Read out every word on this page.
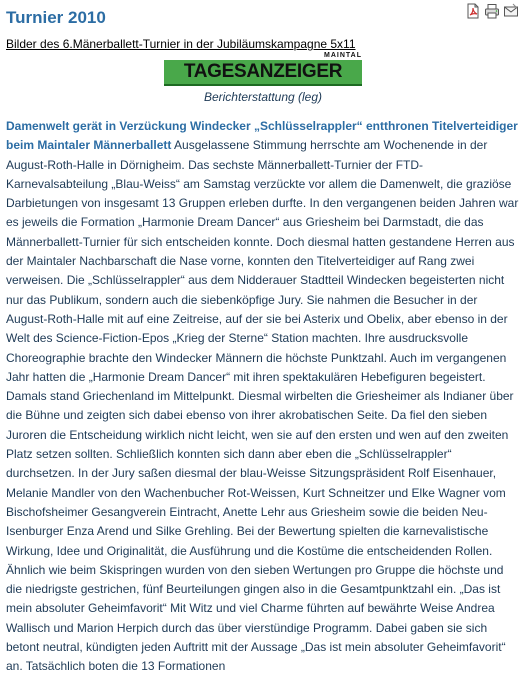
Turnier 2010
Bilder des 6.Mänerballett-Turnier in der Jubiläumskampagne 5x11
MAINTAL
TAGESANZEIGER
Berichterstattung (leg)

Damenwelt gerät in Verzückung Windecker „Schlüsselrappler“ entthronen Titelverteidiger beim Maintaler Männerballett Ausgelassene Stimmung herrschte am Wochenende in der August-Roth-Halle in Dörnigheim. Das sechste Männerballett-Turnier der FTD-Karnevalsabteilung „Blau-Weiss“ am Samstag verzückte vor allem die Damenwelt, die graziöse Darbietungen von insgesamt 13 Gruppen erleben durfte. In den vergangenen beiden Jahren war es jeweils die Formation „Harmonie Dream Dancer“ aus Griesheim bei Darmstadt, die das Männerballett-Turnier für sich entscheiden konnte. Doch diesmal hatten gestandene Herren aus der Maintaler Nachbarschaft die Nase vorne, konnten den Titelverteidiger auf Rang zwei verweisen. Die „Schlüsselrappler“ aus dem Nidderauer Stadtteil Windecken begeisterten nicht nur das Publikum, sondern auch die siebenköpfige Jury. Sie nahmen die Besucher in der August-Roth-Halle mit auf eine Zeitreise, auf der sie bei Asterix und Obelix, aber ebenso in der Welt des Science-Fiction-Epos „Krieg der Sterne“ Station machten. Ihre ausdrucksvolle Choreographie brachte den Windecker Männern die höchste Punktzahl. Auch im vergangenen Jahr hatten die „Harmonie Dream Dancer“ mit ihren spektakulären Hebefiguren begeistert. Damals stand Griechenland im Mittelpunkt. Diesmal wirbelten die Griesheimer als Indianer über die Bühne und zeigten sich dabei ebenso von ihrer akrobatischen Seite. Da fiel den sieben Juroren die Entscheidung wirklich nicht leicht, wen sie auf den ersten und wen auf den zweiten Platz setzen sollten. Schließlich konnten sich dann aber eben die „Schlüsselrappler“ durchsetzen. In der Jury saßen diesmal der blau-Weisse Sitzungspräsident Rolf Eisenhauer, Melanie Mandler von den Wachenbucher Rot-Weissen, Kurt Schneitzer und Elke Wagner vom Bischofsheimer Gesangverein Eintracht, Anette Lehr aus Griesheim sowie die beiden Neu-Isenburger Enza Arend und Silke Grehling. Bei der Bewertung spielten die karnevalistische Wirkung, Idee und Originalität, die Ausführung und die Kostüme die entscheidenden Rollen. Ähnlich wie beim Skispringen wurden von den sieben Wertungen pro Gruppe die höchste und die niedrigste gestrichen, fünf Beurteilungen gingen also in die Gesamtpunktzahl ein. „Das ist mein absoluter Geheimfavorit“ Mit Witz und viel Charme führten auf bewährte Weise Andrea Wallisch und Marion Herpich durch das über vierstündige Programm. Dabei gaben sie sich betont neutral, kündigten jeden Auftritt mit der Aussage „Das ist mein absoluter Geheimfavorit“ an. Tatsächlich boten die 13 Formationen
